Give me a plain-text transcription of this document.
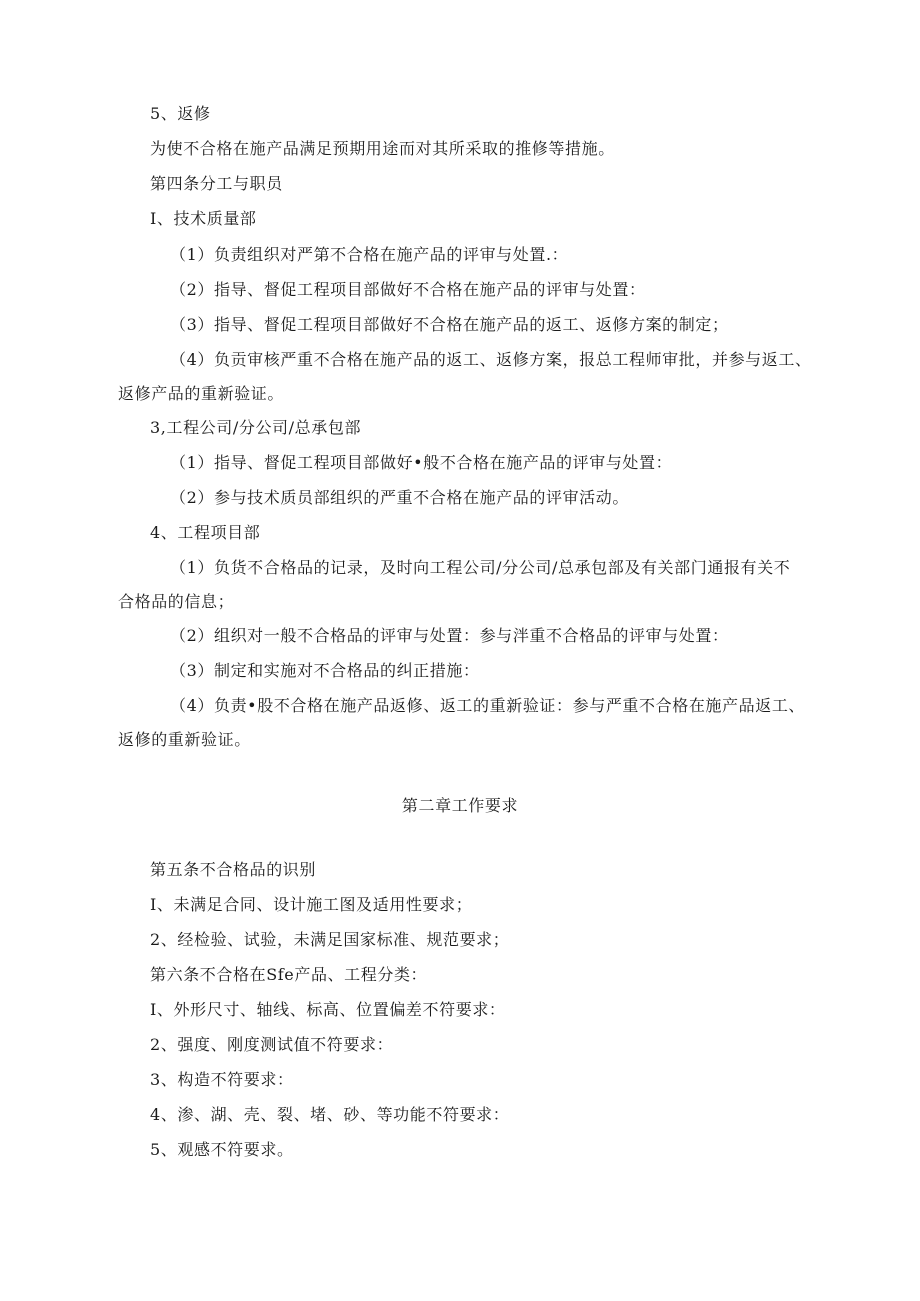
5、返修
为使不合格在施产品满足预期用途而对其所采取的推修等措施。
第四条分工与职员
I、技术质量部
（1）负责组织对严第不合格在施产品的评审与处置.：
（2）指导、督促工程项目部做好不合格在施产品的评审与处置：
（3）指导、督促工程项目部做好不合格在施产品的返工、返修方案的制定；
（4）负贡审核严重不合格在施产品的返工、返修方案，报总工程师审批，并参与返工、
返修产品的重新验证。
3,工程公司/分公司/总承包部
（1）指导、督促工程项目部做好•般不合格在施产品的评审与处置：
（2）参与技术质员部组织的严重不合格在施产品的评审活动。
4、工程项目部
（1）负货不合格品的记录，及时向工程公司/分公司/总承包部及有关部门通报有关不
合格品的信息；
（2）组织对一般不合格品的评审与处置：参与泮重不合格品的评审与处置：
（3）制定和实施对不合格品的纠正措施：
（4）负责•股不合格在施产品返修、返工的重新验证：参与严重不合格在施产品返工、
返修的重新验证。
第二章工作要求
第五条不合格品的识别
I、未满足合同、设计施工图及适用性要求；
2、经检验、试验，未满足国家标准、规范要求；
第六条不合格在Sfe产品、工程分类：
I、外形尺寸、轴线、标高、位置偏差不符要求：
2、强度、刚度测试值不符要求：
3、构造不符要求：
4、渗、湖、壳、裂、堵、砂、等功能不符要求：
5、观感不符要求。
